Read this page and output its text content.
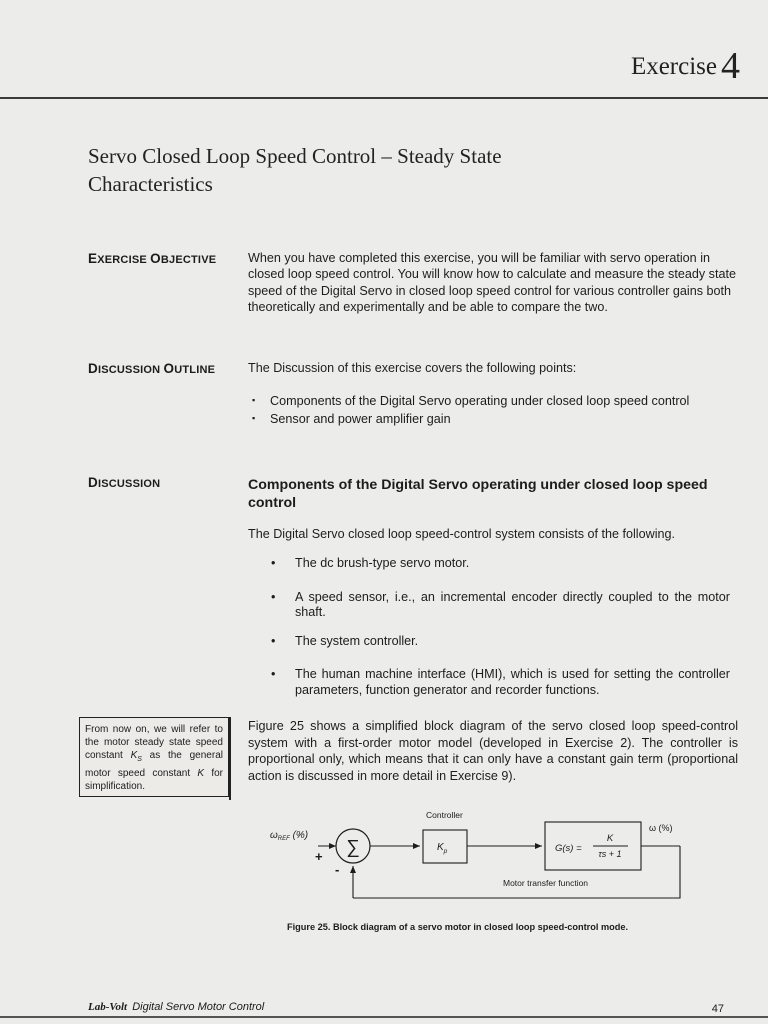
Exercise 4
Servo Closed Loop Speed Control – Steady State
Characteristics
EXERCISE OBJECTIVE	When you have completed this exercise, you will be familiar with servo operation in closed loop speed control. You will know how to calculate and measure the steady state speed of the Digital Servo in closed loop speed control for various controller gains both theoretically and experimentally and be able to compare the two.
DISCUSSION OUTLINE	The Discussion of this exercise covers the following points:
▪ Components of the Digital Servo operating under closed loop speed control
▪ Sensor and power amplifier gain
DISCUSSION	Components of the Digital Servo operating under closed loop speed control
The Digital Servo closed loop speed-control system consists of the following.
• The dc brush-type servo motor.
• A speed sensor, i.e., an incremental encoder directly coupled to the motor shaft.
• The system controller.
• The human machine interface (HMI), which is used for setting the controller parameters, function generator and recorder functions.
From now on, we will refer to the motor steady state speed constant $K_S$ as the general motor speed constant K for simplification.
Figure 25 shows a simplified block diagram of the servo closed loop speed-control system with a first-order motor model (developed in Exercise 2). The controller is proportional only, which means that it can only have a constant gain term (proportional action is discussed in more detail in Exercise 9).
$\omega_{REF}$ (%)
+ ∑
Controller
$K_p$	G(s) =
K
τs + 1
ω (%)
-
Motor transfer function
Figure 25. Block diagram of a servo motor in closed loop speed-control mode.
Lab-Volt Digital Servo Motor Control	47
